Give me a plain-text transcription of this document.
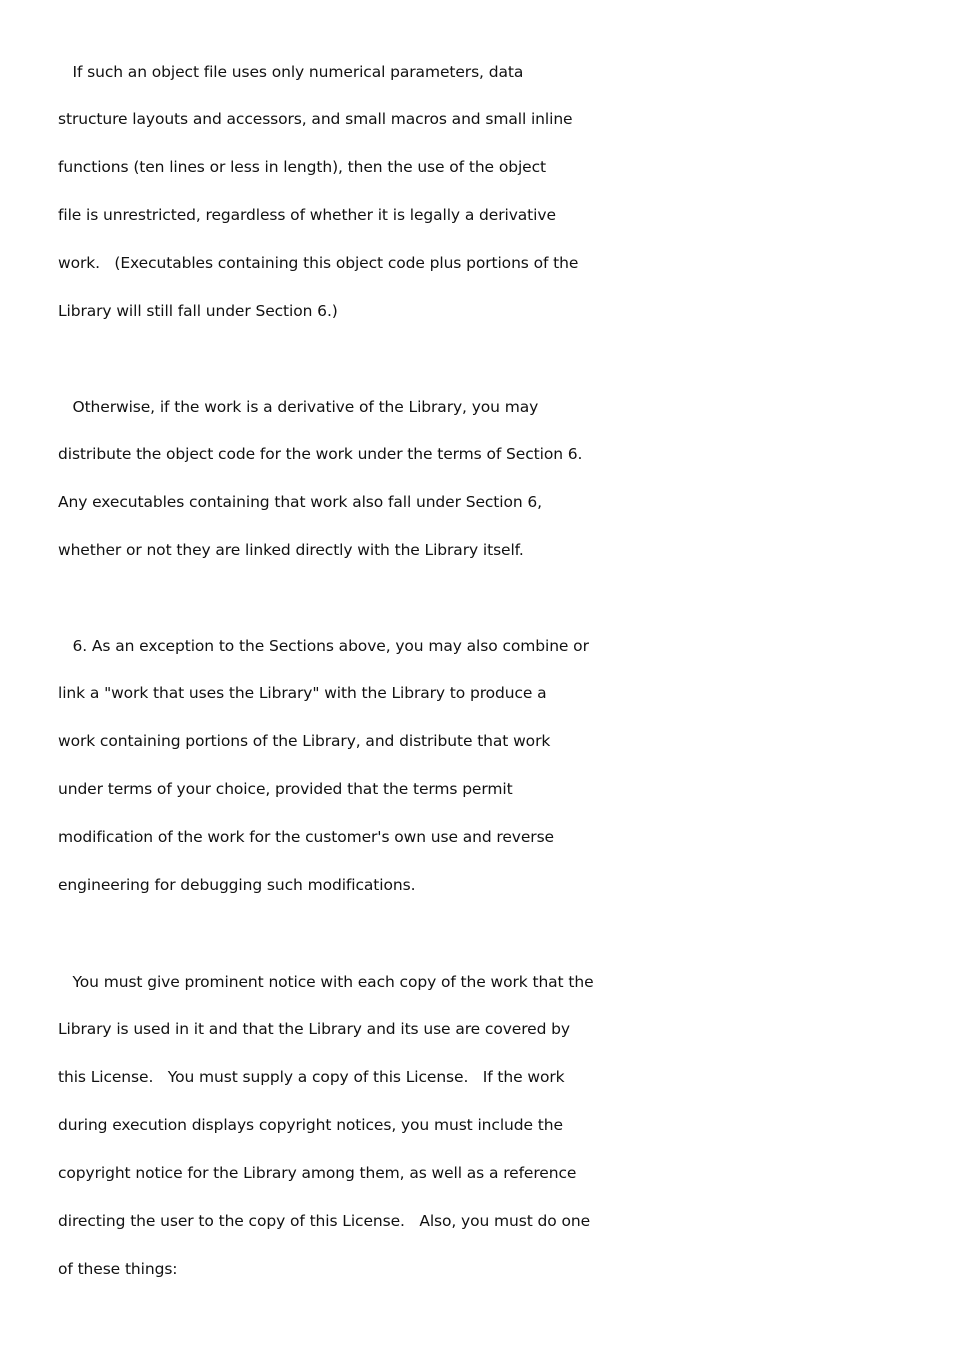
If such an object file uses only numerical parameters, data
structure layouts and accessors, and small macros and small inline
functions (ten lines or less in length), then the use of the object
file is unrestricted, regardless of whether it is legally a derivative
work.   (Executables containing this object code plus portions of the
Library will still fall under Section 6.)
Otherwise, if the work is a derivative of the Library, you may
distribute the object code for the work under the terms of Section 6.
Any executables containing that work also fall under Section 6,
whether or not they are linked directly with the Library itself.
6. As an exception to the Sections above, you may also combine or
link a "work that uses the Library" with the Library to produce a
work containing portions of the Library, and distribute that work
under terms of your choice, provided that the terms permit
modification of the work for the customer's own use and reverse
engineering for debugging such modifications.
You must give prominent notice with each copy of the work that the
Library is used in it and that the Library and its use are covered by
this License.   You must supply a copy of this License.   If the work
during execution displays copyright notices, you must include the
copyright notice for the Library among them, as well as a reference
directing the user to the copy of this License.   Also, you must do one
of these things:
